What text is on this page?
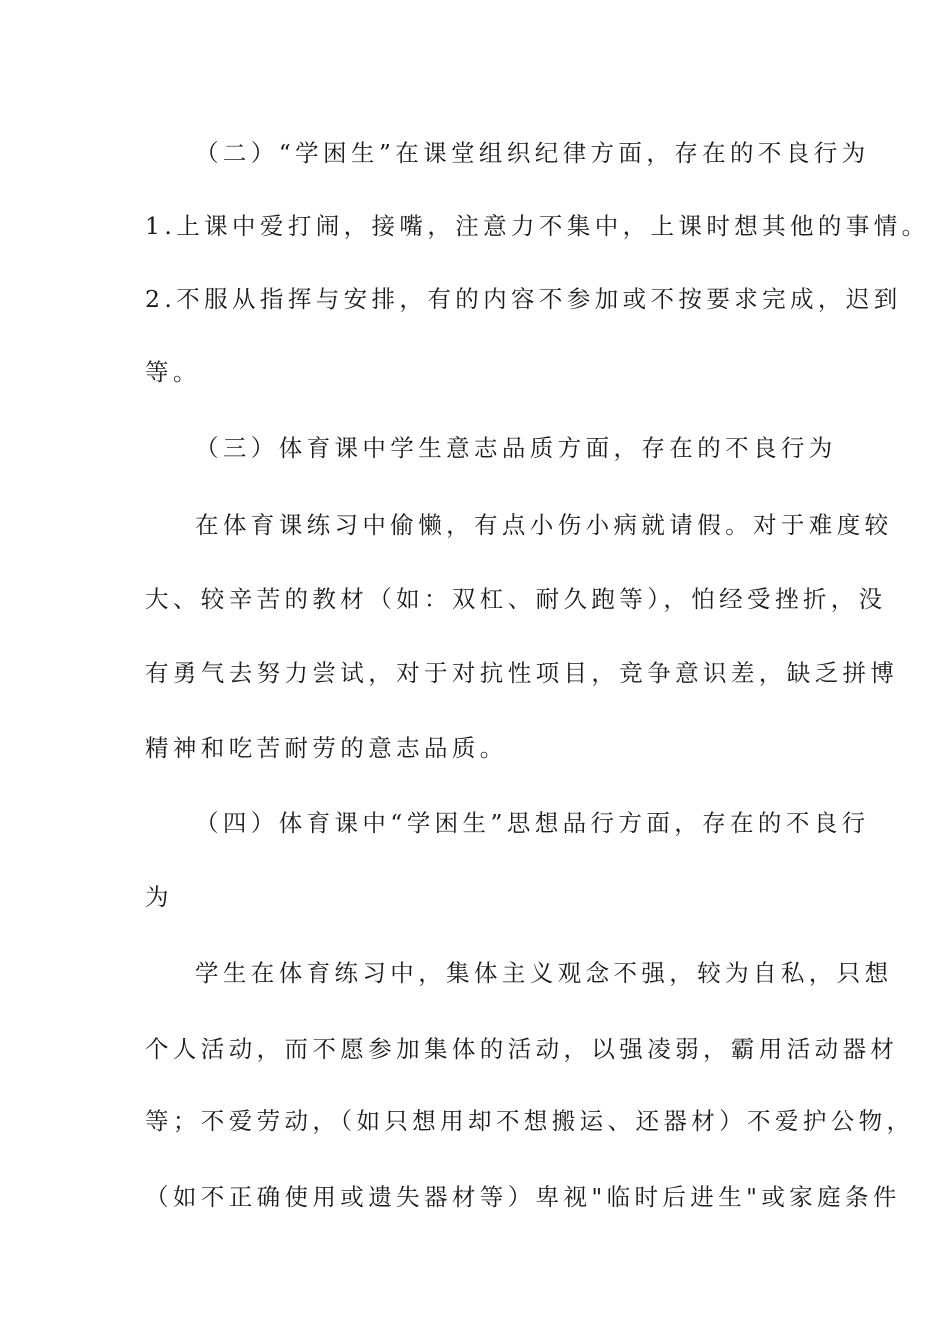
（二）“学困生”在课堂组织纪律方面，存在的不良行为
1.上课中爱打闹，接嘴，注意力不集中，上课时想其他的事情。
2.不服从指挥与安排，有的内容不参加或不按要求完成，迟到
等。
（三）体育课中学生意志品质方面，存在的不良行为
在体育课练习中偷懒，有点小伤小病就请假。对于难度较
大、较辛苦的教材（如：双杠、耐久跑等），怕经受挫折，没
有勇气去努力尝试，对于对抗性项目，竞争意识差，缺乏拼博
精神和吃苦耐劳的意志品质。
（四）体育课中“学困生”思想品行方面，存在的不良行
为
学生在体育练习中，集体主义观念不强，较为自私，只想
个人活动，而不愿参加集体的活动，以强凌弱，霸用活动器材
等；不爱劳动，（如只想用却不想搬运、还器材）不爱护公物，
（如不正确使用或遗失器材等）卑视"临时后进生"或家庭条件
